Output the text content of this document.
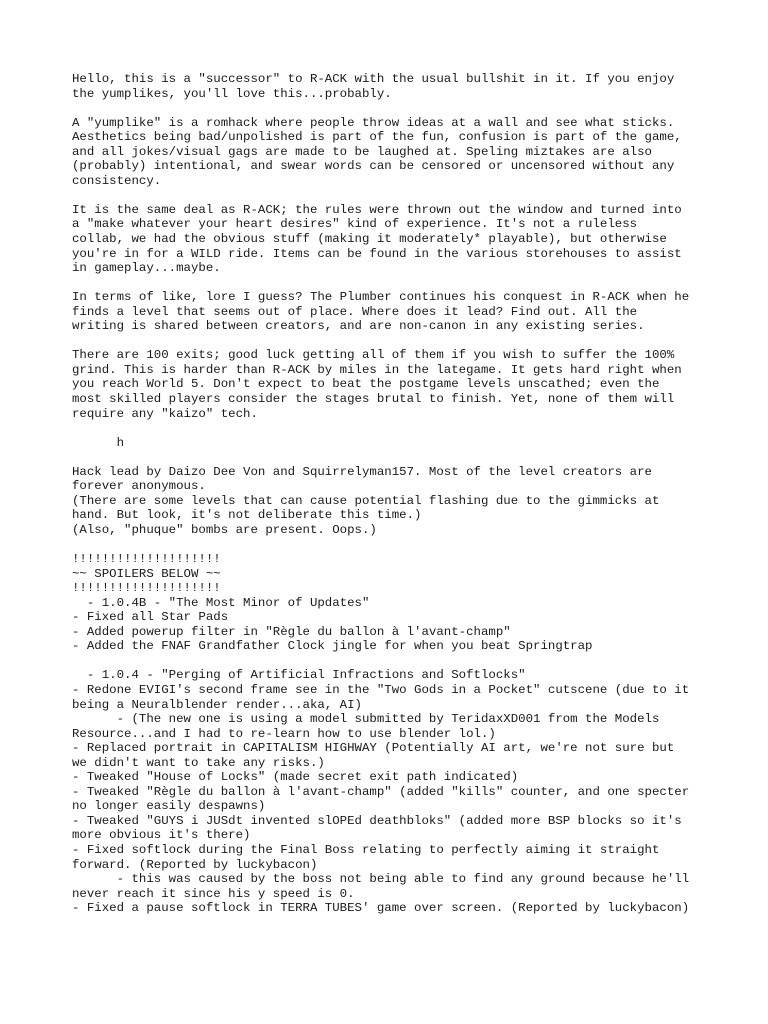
Hello, this is a "successor" to R-ACK with the usual bullshit in it. If you enjoy
the yumplikes, you'll love this...probably.

A "yumplike" is a romhack where people throw ideas at a wall and see what sticks.
Aesthetics being bad/unpolished is part of the fun, confusion is part of the game,
and all jokes/visual gags are made to be laughed at. Speling miztakes are also
(probably) intentional, and swear words can be censored or uncensored without any
consistency.

It is the same deal as R-ACK; the rules were thrown out the window and turned into
a "make whatever your heart desires" kind of experience. It's not a ruleless
collab, we had the obvious stuff (making it moderately* playable), but otherwise
you're in for a WILD ride. Items can be found in the various storehouses to assist
in gameplay...maybe.

In terms of like, lore I guess? The Plumber continues his conquest in R-ACK when he
finds a level that seems out of place. Where does it lead? Find out. All the
writing is shared between creators, and are non-canon in any existing series.

There are 100 exits; good luck getting all of them if you wish to suffer the 100%
grind. This is harder than R-ACK by miles in the lategame. It gets hard right when
you reach World 5. Don't expect to beat the postgame levels unscathed; even the
most skilled players consider the stages brutal to finish. Yet, none of them will
require any "kaizo" tech.

h

Hack lead by Daizo Dee Von and Squirrelyman157. Most of the level creators are
forever anonymous.
(There are some levels that can cause potential flashing due to the gimmicks at
hand. But look, it's not deliberate this time.)
(Also, "phuque" bombs are present. Oops.)

!!!!!!!!!!!!!!!!!!!!
~~ SPOILERS BELOW ~~
!!!!!!!!!!!!!!!!!!!!
- 1.0.4B - "The Most Minor of Updates"
- Fixed all Star Pads
- Added powerup filter in "Règle du ballon à l'avant-champ"
- Added the FNAF Grandfather Clock jingle for when you beat Springtrap

- 1.0.4 - "Perging of Artificial Infractions and Softlocks"
- Redone EVIGI's second frame see in the "Two Gods in a Pocket" cutscene (due to it
being a Neuralblender render...aka, AI)
- (The new one is using a model submitted by TeridaxXD001 from the Models
Resource...and I had to re-learn how to use blender lol.)
- Replaced portrait in CAPITALISM HIGHWAY (Potentially AI art, we're not sure but
we didn't want to take any risks.)
- Tweaked "House of Locks" (made secret exit path indicated)
- Tweaked "Règle du ballon à l'avant-champ" (added "kills" counter, and one specter
no longer easily despawns)
- Tweaked "GUYS i JUSdt invented slOPEd deathbloks" (added more BSP blocks so it's
more obvious it's there)
- Fixed softlock during the Final Boss relating to perfectly aiming it straight
forward. (Reported by luckybacon)
- this was caused by the boss not being able to find any ground because he'll
never reach it since his y speed is 0.
- Fixed a pause softlock in TERRA TUBES' game over screen. (Reported by luckybacon)
